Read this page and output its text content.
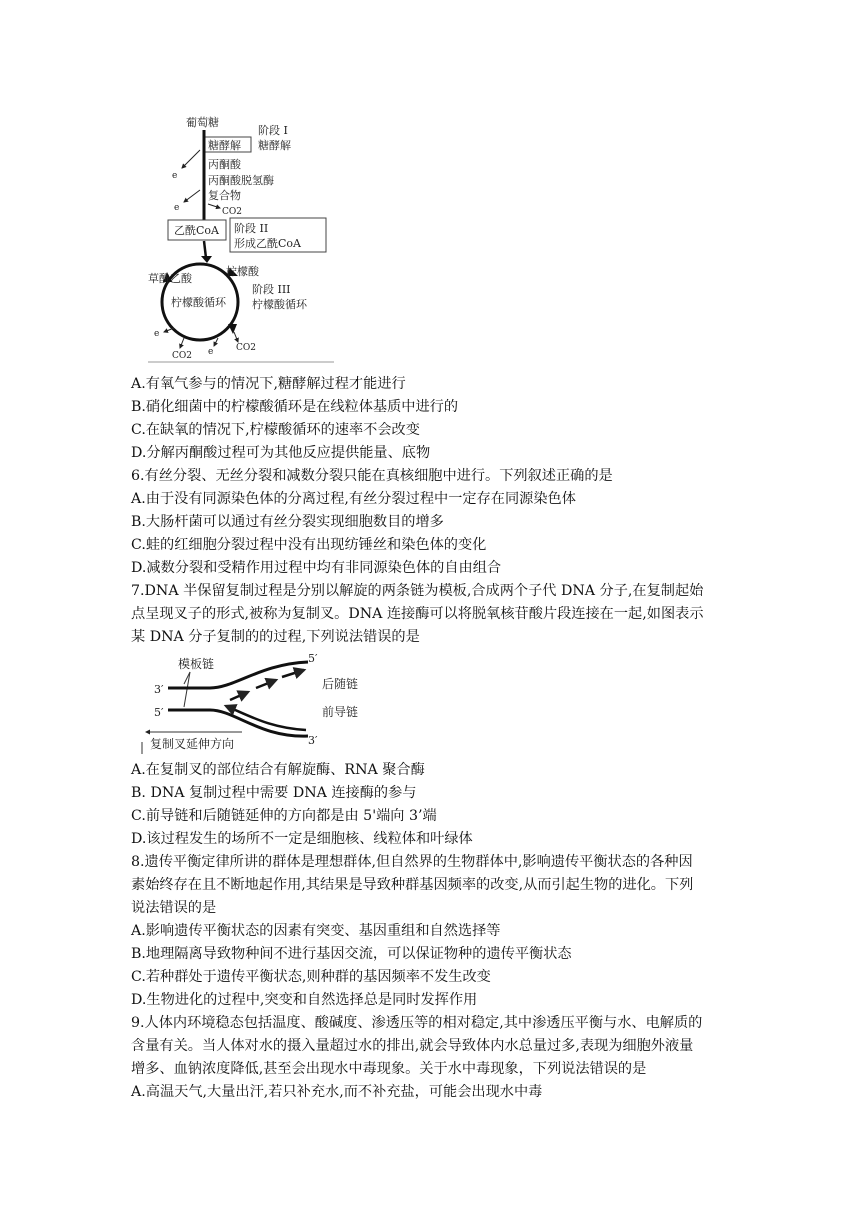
葡萄糖
糖酵解
阶段 I
糖酵解
e
丙酮酸
丙酮酸脱氢酶
复合物
e	CO2
乙酰CoA 阶段 II
形成乙酰CoA
草酰乙酸
柠檬酸
柠檬酸循环
阶段 III
柠檬酸循环
e
CO2 e	CO2
A.有氧气参与的情况下,糖酵解过程才能进行
B.硝化细菌中的柠檬酸循环是在线粒体基质中进行的
C.在缺氧的情况下,柠檬酸循环的速率不会改变
D.分解丙酮酸过程可为其他反应提供能量、底物
6.有丝分裂、无丝分裂和减数分裂只能在真核细胞中进行。下列叙述正确的是
A.由于没有同源染色体的分离过程,有丝分裂过程中一定存在同源染色体
B.大肠杆菌可以通过有丝分裂实现细胞数目的增多
C.蛙的红细胞分裂过程中没有出现纺锤丝和染色体的变化
D.减数分裂和受精作用过程中均有非同源染色体的自由组合
7.DNA 半保留复制过程是分别以解旋的两条链为模板,合成两个子代 DNA 分子,在复制起始
点呈现叉子的形式,被称为复制叉。DNA 连接酶可以将脱氧核苷酸片段连接在一起,如图表示
某 DNA 分子复制的的过程,下列说法错误的是
模板链
3′
5′
5′
3′
后随链
前导链
复制叉延伸方向
A.在复制叉的部位结合有解旋酶、RNA 聚合酶
B. DNA 复制过程中需要 DNA 连接酶的参与
C.前导链和后随链延伸的方向都是由 5'端向 3’端
D.该过程发生的场所不一定是细胞核、线粒体和叶绿体
8.遗传平衡定律所讲的群体是理想群体,但自然界的生物群体中,影响遗传平衡状态的各种因
素始终存在且不断地起作用,其结果是导致种群基因频率的改变,从而引起生物的进化。下列
说法错误的是
A.影响遗传平衡状态的因素有突变、基因重组和自然选择等
B.地理隔离导致物种间不进行基因交流，可以保证物种的遗传平衡状态
C.若种群处于遗传平衡状态,则种群的基因频率不发生改变
D.生物进化的过程中,突变和自然选择总是同时发挥作用
9.人体内环境稳态包括温度、酸碱度、渗透压等的相对稳定,其中渗透压平衡与水、电解质的
含量有关。当人体对水的摄入量超过水的排出,就会导致体内水总量过多,表现为细胞外液量
增多、血钠浓度降低,甚至会出现水中毒现象。关于水中毒现象，下列说法错误的是
A.高温天气,大量出汗,若只补充水,而不补充盐，可能会出现水中毒
